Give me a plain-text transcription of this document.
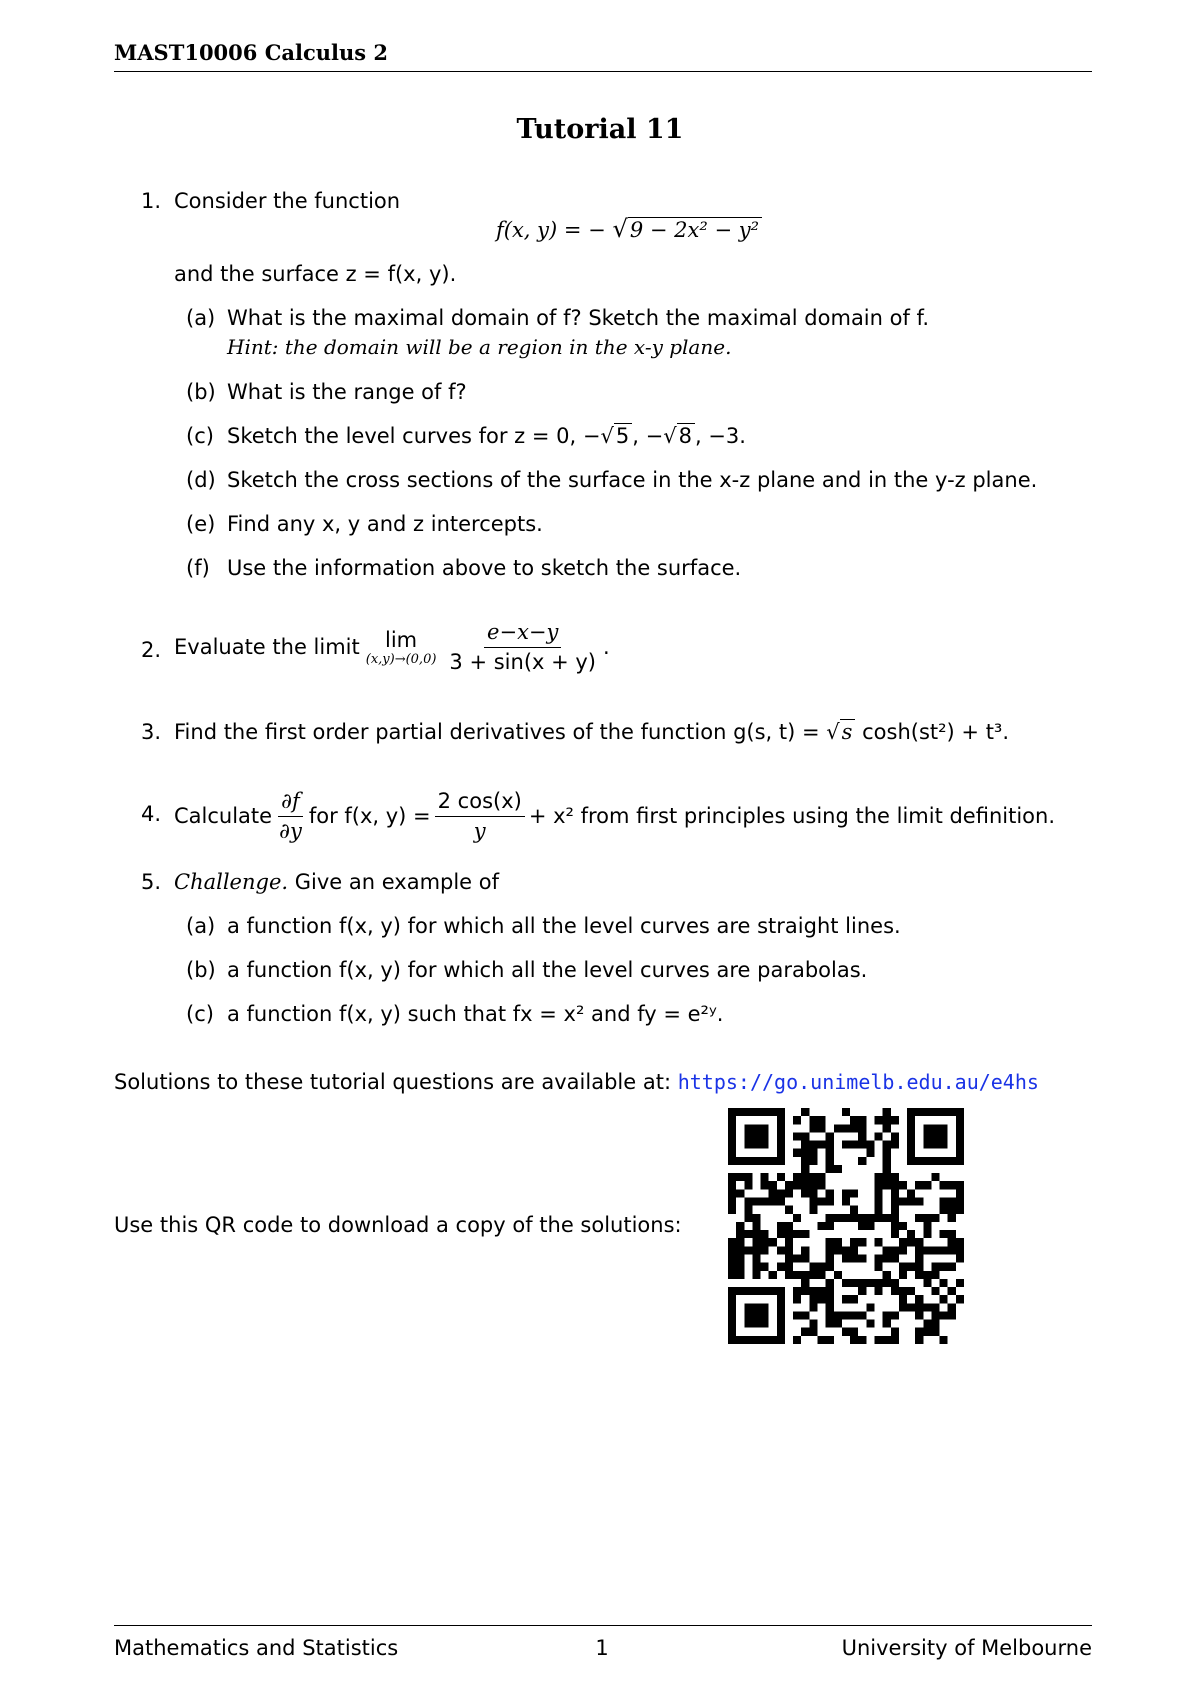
MAST10006 Calculus 2
Tutorial 11
1. Consider the function
f(x, y) = − √9 − 2x² − y²
and the surface z = f(x, y).
(a) What is the maximal domain of f? Sketch the maximal domain of f.
Hint: the domain will be a region in the x-y plane.
(b) What is the range of f?
(c) Sketch the level curves for z = 0, −√5 , −√8 , −3.
(d) Sketch the cross sections of the surface in the x-z plane and in the y-z plane.
(e) Find any x, y and z intercepts.
(f) Use the information above to sketch the surface.
2. Evaluate the limit lim
$(x,y)\to(0,0) \frac{e-x-y}{3 + \sin(x + y)}$ .
3. Find the first order partial derivatives of the function g(s, t) = √s cosh(st²) + t³.
4. Calculate $\frac{\partial f}{\partial y}$ for f(x, $y) = \frac{2 \cos(x)}{y} + x^2$ from first principles using the limit definition.
5. Challenge. Give an example of
(a) a function f(x, y) for which all the level curves are straight lines.
(b) a function f(x, y) for which all the level curves are parabolas.
(c) a function f(x, y) such that fx = x² and fy = e²ʸ.
Solutions to these tutorial questions are available at: https://go.unimelb.edu.au/e4hs
Use this QR code to download a copy of the solutions:
Mathematics and Statistics	1	University of Melbourne
